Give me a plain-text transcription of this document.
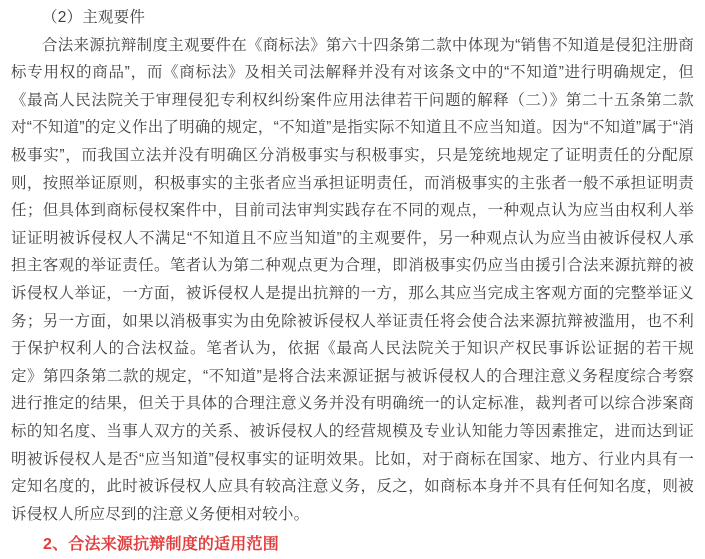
（2）主观要件

合法来源抗辩制度主观要件在《商标法》第六十四条第二款中体现为“销售不知道是侵犯注册商标专用权的商品”，而《商标法》及相关司法解释并没有对该条文中的“不知道”进行明确规定，但《最高人民法院关于审理侵犯专利权纠纷案件应用法律若干问题的解释（二）》第二十五条第二款对“不知道”的定义作出了明确的规定，“不知道”是指实际不知道且不应当知道。因为“不知道”属于“消极事实”，而我国立法并没有明确区分消极事实与积极事实，只是笼统地规定了证明责任的分配原则，按照举证原则，积极事实的主张者应当承担证明责任，而消极事实的主张者一般不承担证明责任；但具体到商标侵权案件中，目前司法审判实践存在不同的观点，一种观点认为应当由权利人举证证明被诉侵权人不满足“不知道且不应当知道”的主观要件，另一种观点认为应当由被诉侵权人承担主客观的举证责任。笔者认为第二种观点更为合理，即消极事实仍应当由援引合法来源抗辩的被诉侵权人举证，一方面，被诉侵权人是提出抗辩的一方，那么其应当完成主客观方面的完整举证义务；另一方面，如果以消极事实为由免除被诉侵权人举证责任将会使合法来源抗辩被滥用，也不利于保护权利人的合法权益。笔者认为，依据《最高人民法院关于知识产权民事诉讼证据的若干规定》第四条第二款的规定，“不知道”是将合法来源证据与被诉侵权人的合理注意义务程度综合考察进行推定的结果，但关于具体的合理注意义务并没有明确统一的认定标准，裁判者可以综合涉案商标的知名度、当事人双方的关系、被诉侵权人的经营规模及专业认知能力等因素推定，进而达到证明被诉侵权人是否“应当知道”侵权事实的证明效果。比如，对于商标在国家、地方、行业内具有一定知名度的，此时被诉侵权人应具有较高注意义务，反之，如商标本身并不具有任何知名度，则被诉侵权人所应尽到的注意义务便相对较小。

2、合法来源抗辩制度的适用范围
